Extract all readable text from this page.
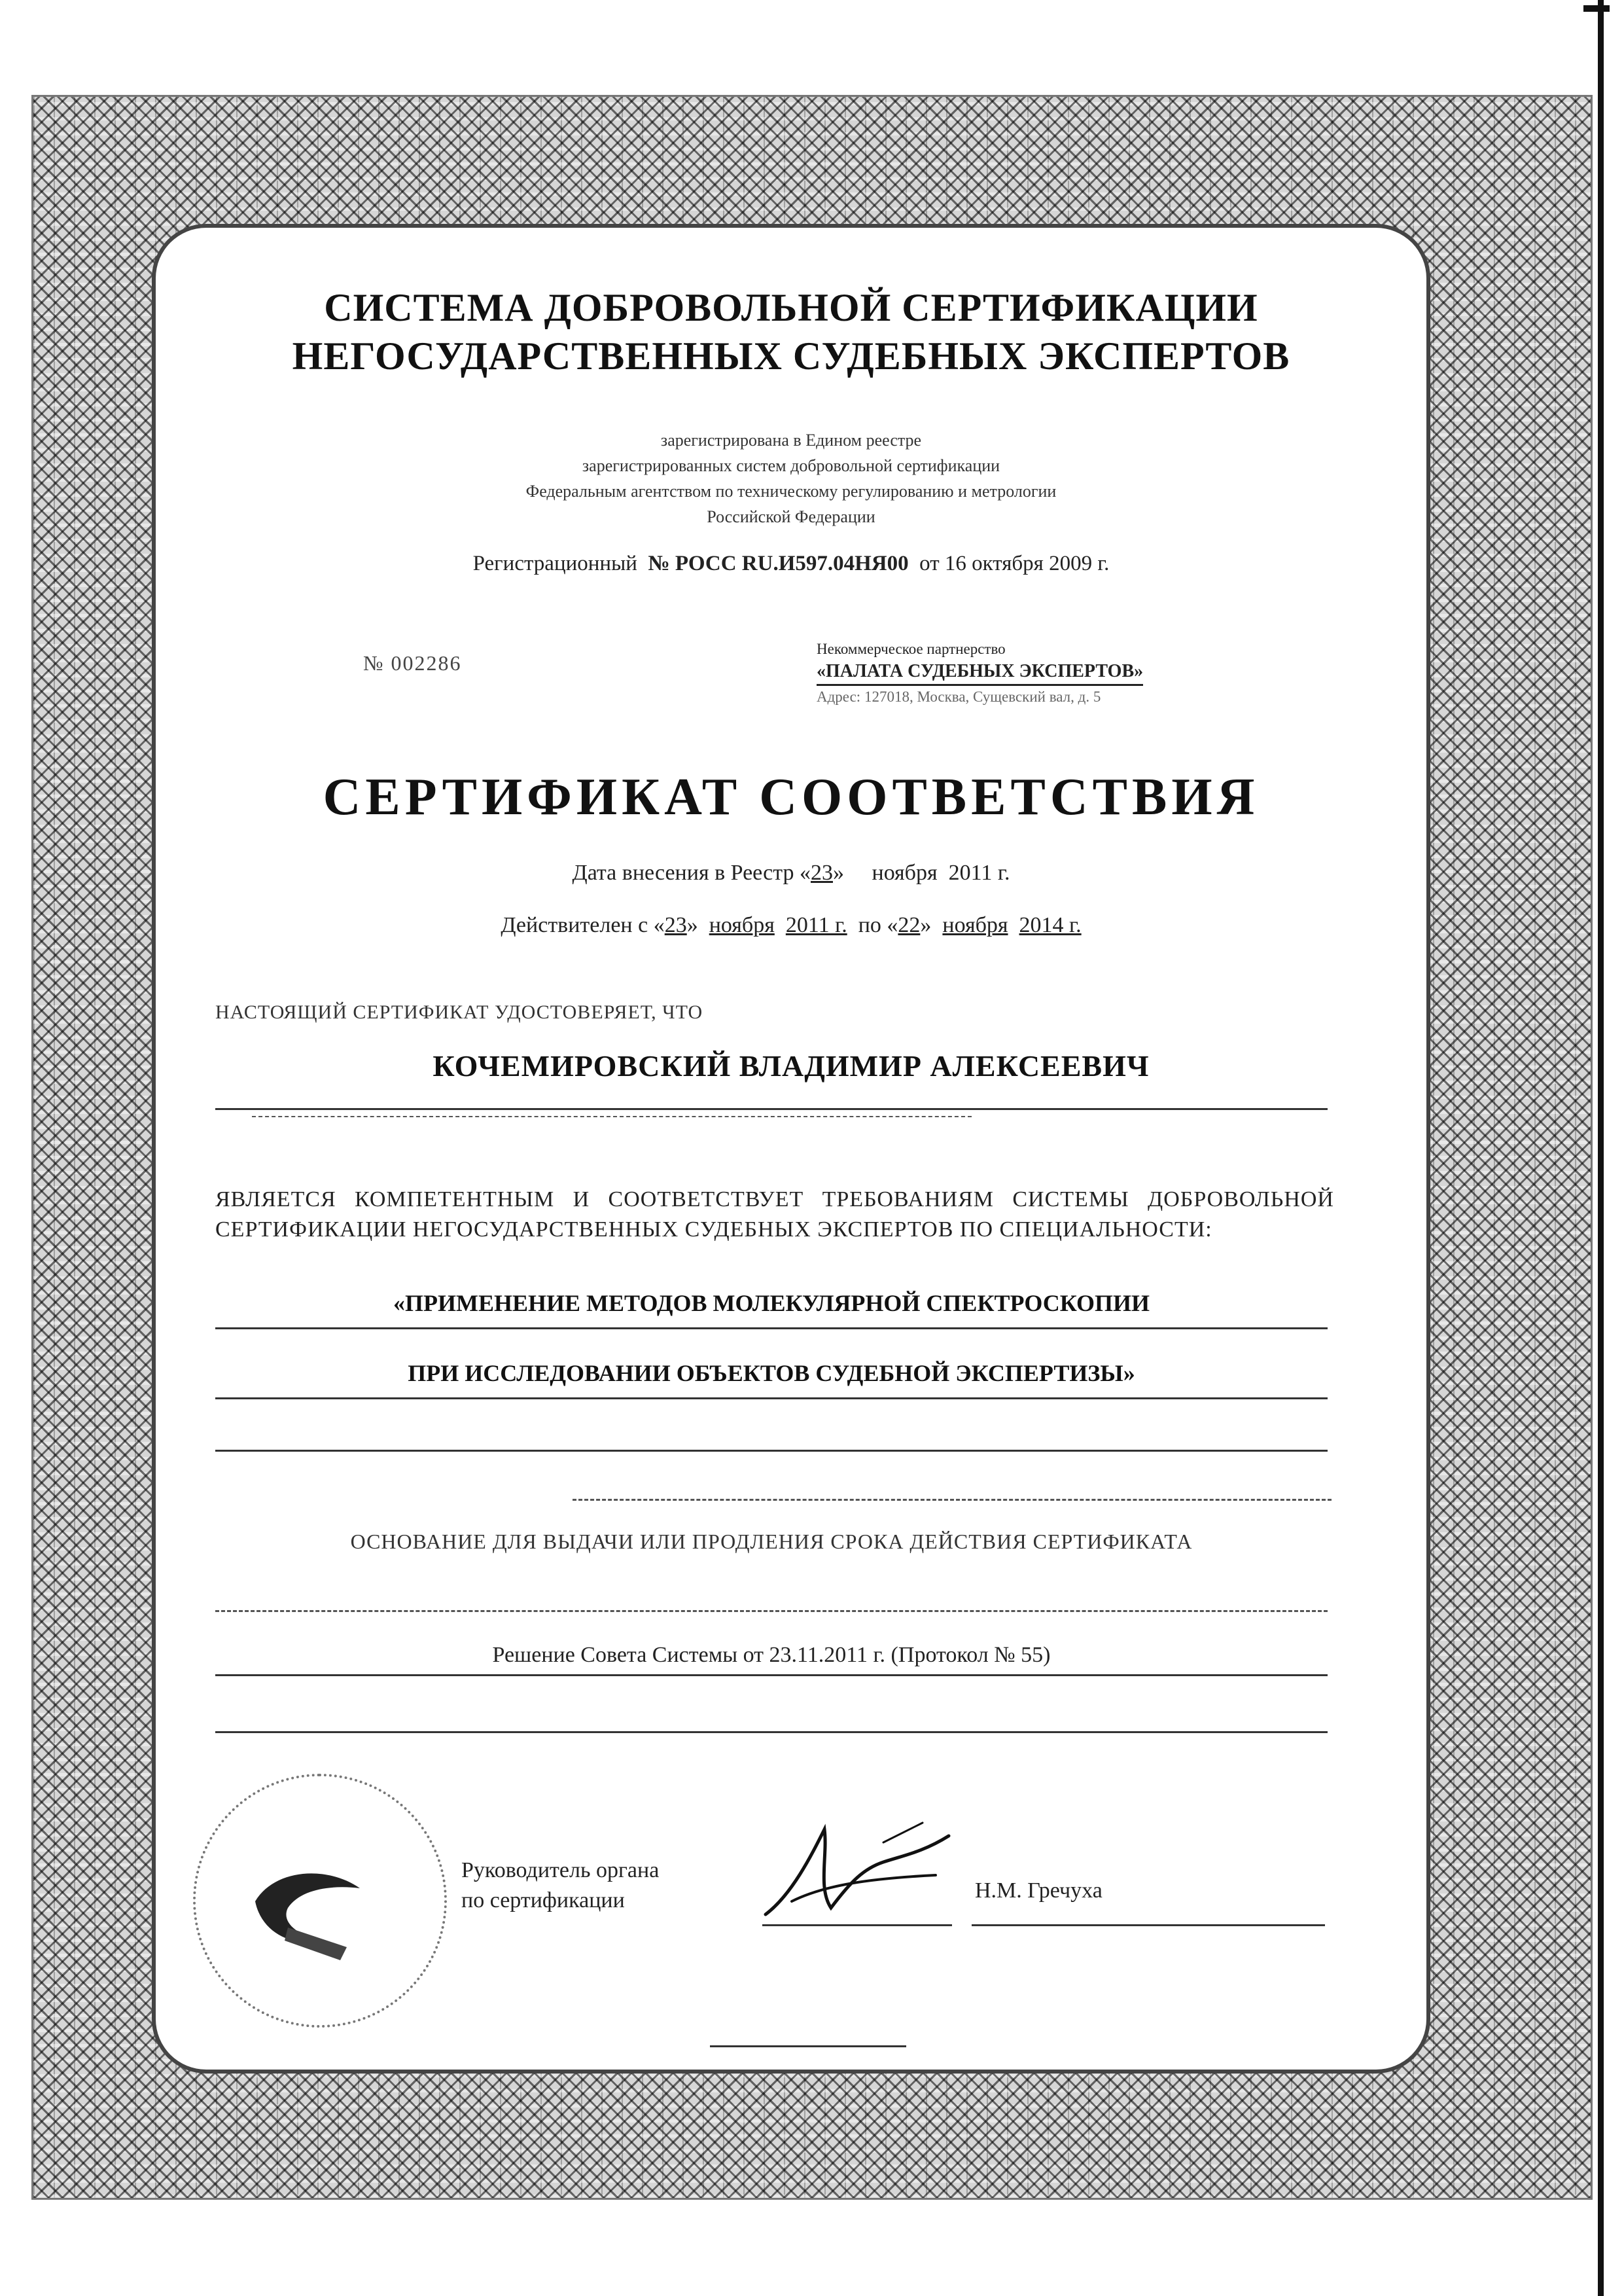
СИСТЕМА ДОБРОВОЛЬНОЙ СЕРТИФИКАЦИИ
НЕГОСУДАРСТВЕННЫХ СУДЕБНЫХ ЭКСПЕРТОВ
зарегистрирована в Едином реестре
зарегистрированных систем добровольной сертификации
Федеральным агентством по техническому регулированию и метрологии
Российской Федерации
Регистрационный № РОСС RU.И597.04НЯ00 от 16 октября 2009 г.
№ 002286
Некоммерческое партнерство
«ПАЛАТА СУДЕБНЫХ ЭКСПЕРТОВ»
Адрес: 127018, Москва, Сущевский вал, д. 5
СЕРТИФИКАТ СООТВЕТСТВИЯ
Дата внесения в Реестр «23»     ноября 2011 г.
Действителен с «23»  ноября 2011 г. по «22»  ноября 2014 г.
НАСТОЯЩИЙ СЕРТИФИКАТ УДОСТОВЕРЯЕТ, ЧТО
КОЧЕМИРОВСКИЙ ВЛАДИМИР АЛЕКСЕЕВИЧ
ЯВЛЯЕТСЯ КОМПЕТЕНТНЫМ И СООТВЕТСТВУЕТ ТРЕБОВАНИЯМ СИСТЕМЫ ДОБРОВОЛЬНОЙ СЕРТИФИКАЦИИ НЕГОСУДАРСТВЕННЫХ СУДЕБНЫХ ЭКСПЕРТОВ ПО СПЕЦИАЛЬНОСТИ:
«ПРИМЕНЕНИЕ МЕТОДОВ МОЛЕКУЛЯРНОЙ СПЕКТРОСКОПИИ
ПРИ ИССЛЕДОВАНИИ ОБЪЕКТОВ СУДЕБНОЙ ЭКСПЕРТИЗЫ»
ОСНОВАНИЕ ДЛЯ ВЫДАЧИ ИЛИ ПРОДЛЕНИЯ СРОКА ДЕЙСТВИЯ СЕРТИФИКАТА
Решение Совета Системы от 23.11.2011 г. (Протокол № 55)
Руководитель органа
по сертификации	Н.М. Гречуха
